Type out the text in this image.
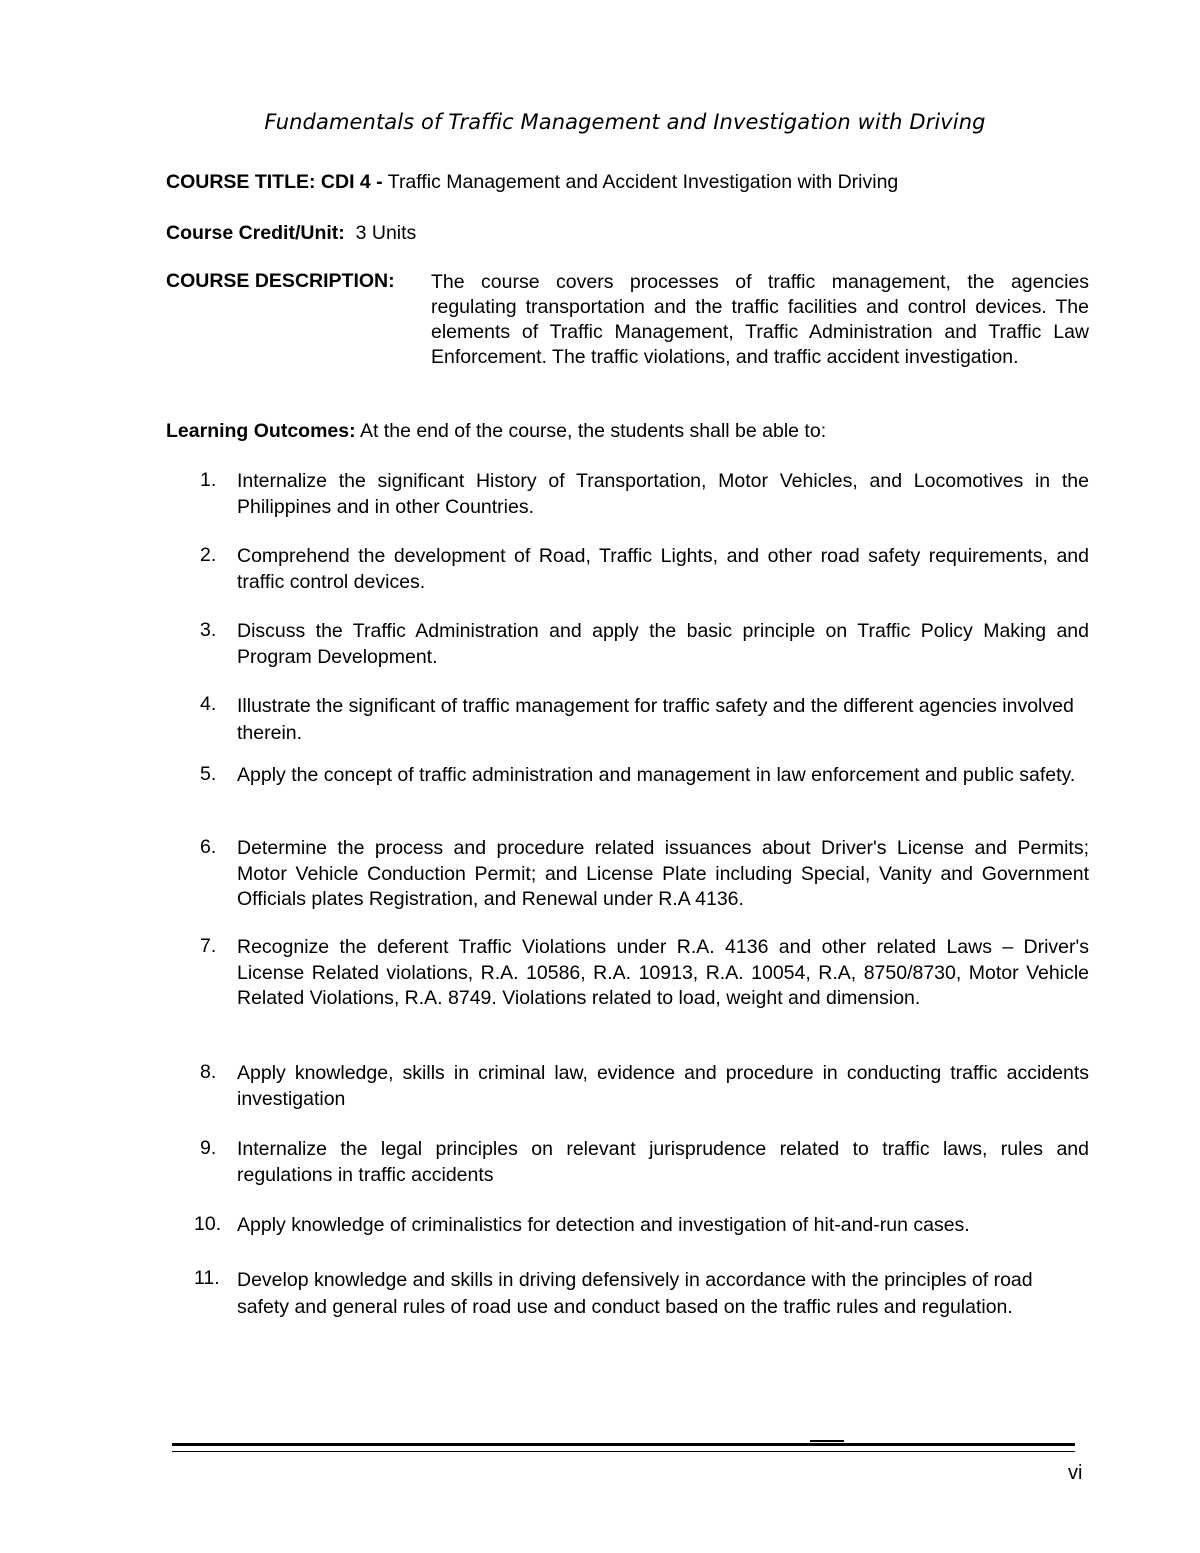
Fundamentals of Traffic Management and Investigation with Driving
COURSE TITLE: CDI 4 - Traffic Management and Accident Investigation with Driving
Course Credit/Unit: 3 Units
COURSE DESCRIPTION: The course covers processes of traffic management, the agencies regulating transportation and the traffic facilities and control devices. The elements of Traffic Management, Traffic Administration and Traffic Law Enforcement. The traffic violations, and traffic accident investigation.
Learning Outcomes: At the end of the course, the students shall be able to:
1. Internalize the significant History of Transportation, Motor Vehicles, and Locomotives in the Philippines and in other Countries.
2. Comprehend the development of Road, Traffic Lights, and other road safety requirements, and traffic control devices.
3. Discuss the Traffic Administration and apply the basic principle on Traffic Policy Making and Program Development.
4. Illustrate the significant of traffic management for traffic safety and the different agencies involved therein.
5. Apply the concept of traffic administration and management in law enforcement and public safety.
6. Determine the process and procedure related issuances about Driver's License and Permits; Motor Vehicle Conduction Permit; and License Plate including Special, Vanity and Government Officials plates Registration, and Renewal under R.A 4136.
7. Recognize the deferent Traffic Violations under R.A. 4136 and other related Laws – Driver's License Related violations, R.A. 10586, R.A. 10913, R.A. 10054, R.A, 8750/8730, Motor Vehicle Related Violations, R.A. 8749. Violations related to load, weight and dimension.
8. Apply knowledge, skills in criminal law, evidence and procedure in conducting traffic accidents investigation
9. Internalize the legal principles on relevant jurisprudence related to traffic laws, rules and regulations in traffic accidents
10. Apply knowledge of criminalistics for detection and investigation of hit-and-run cases.
11. Develop knowledge and skills in driving defensively in accordance with the principles of road safety and general rules of road use and conduct based on the traffic rules and regulation.
vi
